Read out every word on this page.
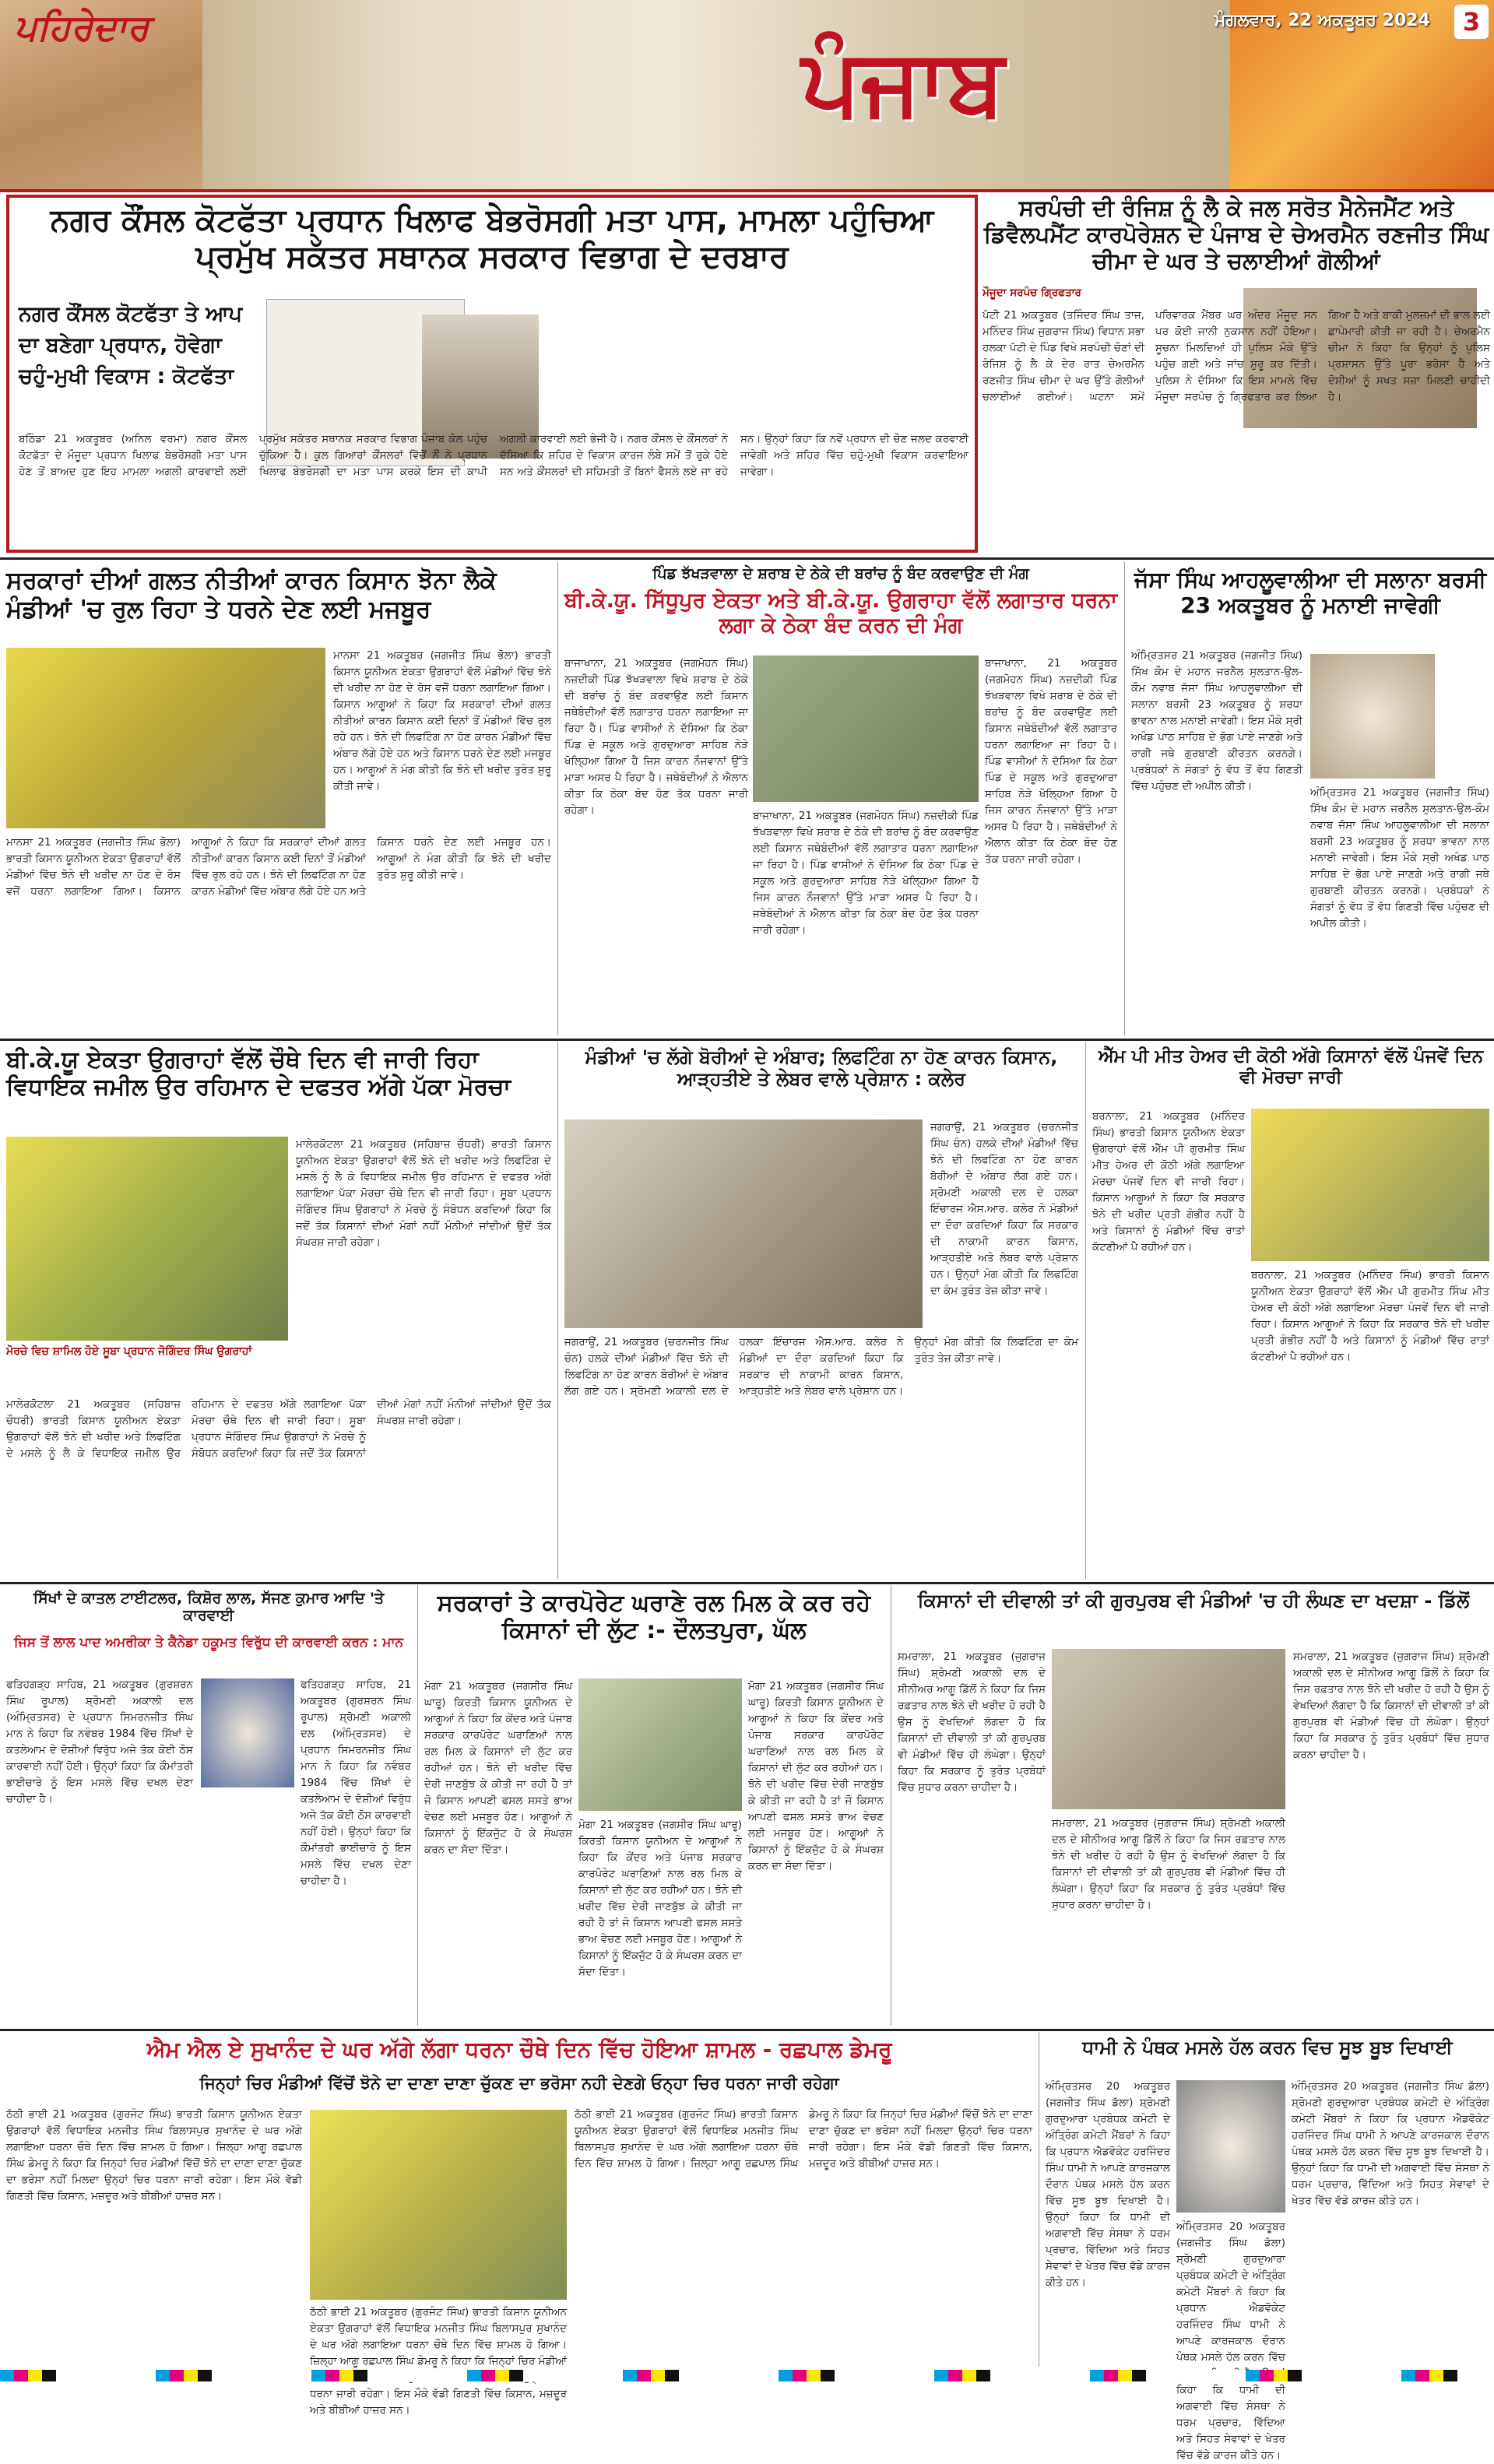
ਪਹਿਰੇਦਾਰ
ਪੰਜਾਬ
ਮੰਗਲਵਾਰ, 22 ਅਕਤੂਬਰ 2024	3
ਨਗਰ ਕੌਂਸਲ ਕੋਟਫੱਤਾ ਪ੍ਰਧਾਨ ਖਿਲਾਫ ਬੇਭਰੋਸਗੀ ਮਤਾ ਪਾਸ, ਮਾਮਲਾ ਪਹੁੰਚਿਆ ਪ੍ਰਮੁੱਖ ਸਕੱਤਰ ਸਥਾਨਕ ਸਰਕਾਰ ਵਿਭਾਗ ਦੇ ਦਰਬਾਰ
ਨਗਰ ਕੌਂਸਲ ਕੋਟਫੱਤਾ ਤੇ ਆਪ ਦਾ ਬਣੇਗਾ ਪ੍ਰਧਾਨ, ਹੋਵੇਗਾ ਚਹੁੰ-ਮੁਖੀ ਵਿਕਾਸ : ਕੋਟਫੱਤਾ
ਬਠਿੰਡਾ 21 ਅਕਤੂਬਰ (ਅਨਿਲ ਵਰਮਾ) ਨਗਰ ਕੌਂਸਲ ਕੋਟਫੱਤਾ ਦੇ ਮੌਜੂਦਾ ਪ੍ਰਧਾਨ ਖਿਲਾਫ ਬੇਭਰੋਸਗੀ ਮਤਾ ਪਾਸ ਹੋਣ ਤੋਂ ਬਾਅਦ ਹੁਣ ਇਹ ਮਾਮਲਾ ਅਗਲੀ ਕਾਰਵਾਈ ਲਈ ਪ੍ਰਮੁੱਖ ਸਕੱਤਰ ਸਥਾਨਕ ਸਰਕਾਰ ਵਿਭਾਗ ਪੰਜਾਬ ਕੋਲ ਪਹੁੰਚ ਚੁੱਕਿਆ ਹੈ। ਕੁਲ ਗਿਆਰਾਂ ਕੌਂਸਲਰਾਂ ਵਿੱਚੋਂ ਨੌਂ ਨੇ ਪ੍ਰਧਾਨ ਖਿਲਾਫ ਬੇਭਰੋਸਗੀ ਦਾ ਮਤਾ ਪਾਸ ਕਰਕੇ ਇਸ ਦੀ ਕਾਪੀ ਅਗਲੀ ਕਾਰਵਾਈ ਲਈ ਭੇਜੀ ਹੈ। ਨਗਰ ਕੌਂਸਲ ਦੇ ਕੌਂਸਲਰਾਂ ਨੇ ਦੱਸਿਆ ਕਿ ਸ਼ਹਿਰ ਦੇ ਵਿਕਾਸ ਕਾਰਜ ਲੰਬੇ ਸਮੇਂ ਤੋਂ ਰੁਕੇ ਹੋਏ ਸਨ ਅਤੇ ਕੌਂਸਲਰਾਂ ਦੀ ਸਹਿਮਤੀ ਤੋਂ ਬਿਨਾਂ ਫੈਸਲੇ ਲਏ ਜਾ ਰਹੇ ਸਨ। ਉਨ੍ਹਾਂ ਕਿਹਾ ਕਿ ਨਵੇਂ ਪ੍ਰਧਾਨ ਦੀ ਚੋਣ ਜਲਦ ਕਰਵਾਈ ਜਾਵੇਗੀ ਅਤੇ ਸ਼ਹਿਰ ਵਿੱਚ ਚਹੁੰ-ਮੁਖੀ ਵਿਕਾਸ ਕਰਵਾਇਆ ਜਾਵੇਗਾ।
ਸਰਪੰਚੀ ਦੀ ਰੰਜਿਸ਼ ਨੂੰ ਲੈ ਕੇ ਜਲ ਸਰੋਤ ਮੈਨੇਜਮੈਂਟ ਅਤੇ ਡਿਵੈਲਪਮੈਂਟ ਕਾਰਪੋਰੇਸ਼ਨ ਦੇ ਪੰਜਾਬ ਦੇ ਚੇਅਰਮੈਨ ਰਣਜੀਤ ਸਿੰਘ ਚੀਮਾ ਦੇ ਘਰ ਤੇ ਚਲਾਈਆਂ ਗੋਲੀਆਂ
ਮੌਜੂਦਾ ਸਰਪੰਚ ਗ੍ਰਿਫਤਾਰ
ਪੱਟੀ 21 ਅਕਤੂਬਰ (ਤਜਿੰਦਰ ਸਿੰਘ ਤਾਜ, ਮਨਿੰਦਰ ਸਿੰਘ ਜੁਗਰਾਜ ਸਿੰਘ) ਵਿਧਾਨ ਸਭਾ ਹਲਕਾ ਪੱਟੀ ਦੇ ਪਿੰਡ ਵਿਖੇ ਸਰਪੰਚੀ ਚੋਣਾਂ ਦੀ ਰੰਜਿਸ਼ ਨੂੰ ਲੈ ਕੇ ਦੇਰ ਰਾਤ ਚੇਅਰਮੈਨ ਰਣਜੀਤ ਸਿੰਘ ਚੀਮਾ ਦੇ ਘਰ ਉੱਤੇ ਗੋਲੀਆਂ ਚਲਾਈਆਂ ਗਈਆਂ। ਘਟਨਾ ਸਮੇਂ ਪਰਿਵਾਰਕ ਮੈਂਬਰ ਘਰ ਅੰਦਰ ਮੌਜੂਦ ਸਨ ਪਰ ਕੋਈ ਜਾਨੀ ਨੁਕਸਾਨ ਨਹੀਂ ਹੋਇਆ। ਸੂਚਨਾ ਮਿਲਦਿਆਂ ਹੀ ਪੁਲਿਸ ਮੌਕੇ ਉੱਤੇ ਪਹੁੰਚ ਗਈ ਅਤੇ ਜਾਂਚ ਸ਼ੁਰੂ ਕਰ ਦਿੱਤੀ। ਪੁਲਿਸ ਨੇ ਦੱਸਿਆ ਕਿ ਇਸ ਮਾਮਲੇ ਵਿੱਚ ਮੌਜੂਦਾ ਸਰਪੰਚ ਨੂੰ ਗ੍ਰਿਫਤਾਰ ਕਰ ਲਿਆ ਗਿਆ ਹੈ ਅਤੇ ਬਾਕੀ ਮੁਲਜ਼ਮਾਂ ਦੀ ਭਾਲ ਲਈ ਛਾਪੇਮਾਰੀ ਕੀਤੀ ਜਾ ਰਹੀ ਹੈ। ਚੇਅਰਮੈਨ ਚੀਮਾ ਨੇ ਕਿਹਾ ਕਿ ਉਨ੍ਹਾਂ ਨੂੰ ਪੁਲਿਸ ਪ੍ਰਸ਼ਾਸਨ ਉੱਤੇ ਪੂਰਾ ਭਰੋਸਾ ਹੈ ਅਤੇ ਦੋਸ਼ੀਆਂ ਨੂੰ ਸਖਤ ਸਜ਼ਾ ਮਿਲਣੀ ਚਾਹੀਦੀ ਹੈ।
ਸਰਕਾਰਾਂ ਦੀਆਂ ਗਲਤ ਨੀਤੀਆਂ ਕਾਰਨ ਕਿਸਾਨ ਝੋਨਾ ਲੈਕੇ ਮੰਡੀਆਂ 'ਚ ਰੁਲ ਰਿਹਾ ਤੇ ਧਰਨੇ ਦੇਣ ਲਈ ਮਜਬੂਰ
ਮਾਨਸਾ 21 ਅਕਤੂਬਰ (ਜਗਜੀਤ ਸਿੰਘ ਭੋਲਾ) ਭਾਰਤੀ ਕਿਸਾਨ ਯੂਨੀਅਨ ਏਕਤਾ ਉਗਰਾਹਾਂ ਵੱਲੋਂ ਮੰਡੀਆਂ ਵਿੱਚ ਝੋਨੇ ਦੀ ਖਰੀਦ ਨਾ ਹੋਣ ਦੇ ਰੋਸ ਵਜੋਂ ਧਰਨਾ ਲਗਾਇਆ ਗਿਆ। ਕਿਸਾਨ ਆਗੂਆਂ ਨੇ ਕਿਹਾ ਕਿ ਸਰਕਾਰਾਂ ਦੀਆਂ ਗਲਤ ਨੀਤੀਆਂ ਕਾਰਨ ਕਿਸਾਨ ਕਈ ਦਿਨਾਂ ਤੋਂ ਮੰਡੀਆਂ ਵਿੱਚ ਰੁਲ ਰਹੇ ਹਨ। ਝੋਨੇ ਦੀ ਲਿਫਟਿੰਗ ਨਾ ਹੋਣ ਕਾਰਨ ਮੰਡੀਆਂ ਵਿੱਚ ਅੰਬਾਰ ਲੱਗੇ ਹੋਏ ਹਨ ਅਤੇ ਕਿਸਾਨ ਧਰਨੇ ਦੇਣ ਲਈ ਮਜਬੂਰ ਹਨ। ਆਗੂਆਂ ਨੇ ਮੰਗ ਕੀਤੀ ਕਿ ਝੋਨੇ ਦੀ ਖਰੀਦ ਤੁਰੰਤ ਸ਼ੁਰੂ ਕੀਤੀ ਜਾਵੇ।
ਮਾਨਸਾ 21 ਅਕਤੂਬਰ (ਜਗਜੀਤ ਸਿੰਘ ਭੋਲਾ) ਭਾਰਤੀ ਕਿਸਾਨ ਯੂਨੀਅਨ ਏਕਤਾ ਉਗਰਾਹਾਂ ਵੱਲੋਂ ਮੰਡੀਆਂ ਵਿੱਚ ਝੋਨੇ ਦੀ ਖਰੀਦ ਨਾ ਹੋਣ ਦੇ ਰੋਸ ਵਜੋਂ ਧਰਨਾ ਲਗਾਇਆ ਗਿਆ। ਕਿਸਾਨ ਆਗੂਆਂ ਨੇ ਕਿਹਾ ਕਿ ਸਰਕਾਰਾਂ ਦੀਆਂ ਗਲਤ ਨੀਤੀਆਂ ਕਾਰਨ ਕਿਸਾਨ ਕਈ ਦਿਨਾਂ ਤੋਂ ਮੰਡੀਆਂ ਵਿੱਚ ਰੁਲ ਰਹੇ ਹਨ। ਝੋਨੇ ਦੀ ਲਿਫਟਿੰਗ ਨਾ ਹੋਣ ਕਾਰਨ ਮੰਡੀਆਂ ਵਿੱਚ ਅੰਬਾਰ ਲੱਗੇ ਹੋਏ ਹਨ ਅਤੇ ਕਿਸਾਨ ਧਰਨੇ ਦੇਣ ਲਈ ਮਜਬੂਰ ਹਨ। ਆਗੂਆਂ ਨੇ ਮੰਗ ਕੀਤੀ ਕਿ ਝੋਨੇ ਦੀ ਖਰੀਦ ਤੁਰੰਤ ਸ਼ੁਰੂ ਕੀਤੀ ਜਾਵੇ।
ਪਿੰਡ ਝੱਖੜਵਾਲਾ ਦੇ ਸ਼ਰਾਬ ਦੇ ਠੇਕੇ ਦੀ ਬਰਾਂਚ ਨੂੰ ਬੰਦ ਕਰਵਾਉਣ ਦੀ ਮੰਗ
ਬੀ.ਕੇ.ਯੂ. ਸਿੱਧੂਪੁਰ ਏਕਤਾ ਅਤੇ ਬੀ.ਕੇ.ਯੂ. ਉਗਰਾਹਾ ਵੱਲੋਂ ਲਗਾਤਾਰ ਧਰਨਾ ਲਗਾ ਕੇ ਠੇਕਾ ਬੰਦ ਕਰਨ ਦੀ ਮੰਗ
ਬਾਜਾਖਾਨਾ, 21 ਅਕਤੂਬਰ (ਜਗਮੋਹਨ ਸਿੰਘ) ਨਜ਼ਦੀਕੀ ਪਿੰਡ ਝੱਖੜਵਾਲਾ ਵਿਖੇ ਸ਼ਰਾਬ ਦੇ ਠੇਕੇ ਦੀ ਬਰਾਂਚ ਨੂੰ ਬੰਦ ਕਰਵਾਉਣ ਲਈ ਕਿਸਾਨ ਜਥੇਬੰਦੀਆਂ ਵੱਲੋਂ ਲਗਾਤਾਰ ਧਰਨਾ ਲਗਾਇਆ ਜਾ ਰਿਹਾ ਹੈ। ਪਿੰਡ ਵਾਸੀਆਂ ਨੇ ਦੱਸਿਆ ਕਿ ਠੇਕਾ ਪਿੰਡ ਦੇ ਸਕੂਲ ਅਤੇ ਗੁਰਦੁਆਰਾ ਸਾਹਿਬ ਨੇੜੇ ਖੋਲ੍ਹਿਆ ਗਿਆ ਹੈ ਜਿਸ ਕਾਰਨ ਨੌਜਵਾਨਾਂ ਉੱਤੇ ਮਾੜਾ ਅਸਰ ਪੈ ਰਿਹਾ ਹੈ। ਜਥੇਬੰਦੀਆਂ ਨੇ ਐਲਾਨ ਕੀਤਾ ਕਿ ਠੇਕਾ ਬੰਦ ਹੋਣ ਤੱਕ ਧਰਨਾ ਜਾਰੀ ਰਹੇਗਾ।
ਬਾਜਾਖਾਨਾ, 21 ਅਕਤੂਬਰ (ਜਗਮੋਹਨ ਸਿੰਘ) ਨਜ਼ਦੀਕੀ ਪਿੰਡ ਝੱਖੜਵਾਲਾ ਵਿਖੇ ਸ਼ਰਾਬ ਦੇ ਠੇਕੇ ਦੀ ਬਰਾਂਚ ਨੂੰ ਬੰਦ ਕਰਵਾਉਣ ਲਈ ਕਿਸਾਨ ਜਥੇਬੰਦੀਆਂ ਵੱਲੋਂ ਲਗਾਤਾਰ ਧਰਨਾ ਲਗਾਇਆ ਜਾ ਰਿਹਾ ਹੈ। ਪਿੰਡ ਵਾਸੀਆਂ ਨੇ ਦੱਸਿਆ ਕਿ ਠੇਕਾ ਪਿੰਡ ਦੇ ਸਕੂਲ ਅਤੇ ਗੁਰਦੁਆਰਾ ਸਾਹਿਬ ਨੇੜੇ ਖੋਲ੍ਹਿਆ ਗਿਆ ਹੈ ਜਿਸ ਕਾਰਨ ਨੌਜਵਾਨਾਂ ਉੱਤੇ ਮਾੜਾ ਅਸਰ ਪੈ ਰਿਹਾ ਹੈ। ਜਥੇਬੰਦੀਆਂ ਨੇ ਐਲਾਨ ਕੀਤਾ ਕਿ ਠੇਕਾ ਬੰਦ ਹੋਣ ਤੱਕ ਧਰਨਾ ਜਾਰੀ ਰਹੇਗਾ।
ਬਾਜਾਖਾਨਾ, 21 ਅਕਤੂਬਰ (ਜਗਮੋਹਨ ਸਿੰਘ) ਨਜ਼ਦੀਕੀ ਪਿੰਡ ਝੱਖੜਵਾਲਾ ਵਿਖੇ ਸ਼ਰਾਬ ਦੇ ਠੇਕੇ ਦੀ ਬਰਾਂਚ ਨੂੰ ਬੰਦ ਕਰਵਾਉਣ ਲਈ ਕਿਸਾਨ ਜਥੇਬੰਦੀਆਂ ਵੱਲੋਂ ਲਗਾਤਾਰ ਧਰਨਾ ਲਗਾਇਆ ਜਾ ਰਿਹਾ ਹੈ। ਪਿੰਡ ਵਾਸੀਆਂ ਨੇ ਦੱਸਿਆ ਕਿ ਠੇਕਾ ਪਿੰਡ ਦੇ ਸਕੂਲ ਅਤੇ ਗੁਰਦੁਆਰਾ ਸਾਹਿਬ ਨੇੜੇ ਖੋਲ੍ਹਿਆ ਗਿਆ ਹੈ ਜਿਸ ਕਾਰਨ ਨੌਜਵਾਨਾਂ ਉੱਤੇ ਮਾੜਾ ਅਸਰ ਪੈ ਰਿਹਾ ਹੈ। ਜਥੇਬੰਦੀਆਂ ਨੇ ਐਲਾਨ ਕੀਤਾ ਕਿ ਠੇਕਾ ਬੰਦ ਹੋਣ ਤੱਕ ਧਰਨਾ ਜਾਰੀ ਰਹੇਗਾ।
ਜੱਸਾ ਸਿੰਘ ਆਹਲੂਵਾਲੀਆ ਦੀ ਸਲਾਨਾ ਬਰਸੀ 23 ਅਕਤੂਬਰ ਨੂੰ ਮਨਾਈ ਜਾਵੇਗੀ
ਅੰਮ੍ਰਿਤਸਰ 21 ਅਕਤੂਬਰ (ਜਗਜੀਤ ਸਿੰਘ) ਸਿੱਖ ਕੌਮ ਦੇ ਮਹਾਨ ਜਰਨੈਲ ਸੁਲਤਾਨ-ਉਲ-ਕੌਮ ਨਵਾਬ ਜੱਸਾ ਸਿੰਘ ਆਹਲੂਵਾਲੀਆ ਦੀ ਸਲਾਨਾ ਬਰਸੀ 23 ਅਕਤੂਬਰ ਨੂੰ ਸ਼ਰਧਾ ਭਾਵਨਾ ਨਾਲ ਮਨਾਈ ਜਾਵੇਗੀ। ਇਸ ਮੌਕੇ ਸ੍ਰੀ ਅਖੰਡ ਪਾਠ ਸਾਹਿਬ ਦੇ ਭੋਗ ਪਾਏ ਜਾਣਗੇ ਅਤੇ ਰਾਗੀ ਜਥੇ ਗੁਰਬਾਣੀ ਕੀਰਤਨ ਕਰਨਗੇ। ਪ੍ਰਬੰਧਕਾਂ ਨੇ ਸੰਗਤਾਂ ਨੂੰ ਵੱਧ ਤੋਂ ਵੱਧ ਗਿਣਤੀ ਵਿੱਚ ਪਹੁੰਚਣ ਦੀ ਅਪੀਲ ਕੀਤੀ।	ਅੰਮ੍ਰਿਤਸਰ 21 ਅਕਤੂਬਰ (ਜਗਜੀਤ ਸਿੰਘ) ਸਿੱਖ ਕੌਮ ਦੇ ਮਹਾਨ ਜਰਨੈਲ ਸੁਲਤਾਨ-ਉਲ-ਕੌਮ ਨਵਾਬ ਜੱਸਾ ਸਿੰਘ ਆਹਲੂਵਾਲੀਆ ਦੀ ਸਲਾਨਾ ਬਰਸੀ 23 ਅਕਤੂਬਰ ਨੂੰ ਸ਼ਰਧਾ ਭਾਵਨਾ ਨਾਲ ਮਨਾਈ ਜਾਵੇਗੀ। ਇਸ ਮੌਕੇ ਸ੍ਰੀ ਅਖੰਡ ਪਾਠ ਸਾਹਿਬ ਦੇ ਭੋਗ ਪਾਏ ਜਾਣਗੇ ਅਤੇ ਰਾਗੀ ਜਥੇ ਗੁਰਬਾਣੀ ਕੀਰਤਨ ਕਰਨਗੇ। ਪ੍ਰਬੰਧਕਾਂ ਨੇ ਸੰਗਤਾਂ ਨੂੰ ਵੱਧ ਤੋਂ ਵੱਧ ਗਿਣਤੀ ਵਿੱਚ ਪਹੁੰਚਣ ਦੀ ਅਪੀਲ ਕੀਤੀ।
ਬੀ.ਕੇ.ਯੂ ਏਕਤਾ ਉਗਰਾਹਾਂ ਵੱਲੋਂ ਚੌਥੇ ਦਿਨ ਵੀ ਜਾਰੀ ਰਿਹਾ ਵਿਧਾਇਕ ਜਮੀਲ ਉਰ ਰਹਿਮਾਨ ਦੇ ਦਫਤਰ ਅੱਗੇ ਪੱਕਾ ਮੋਰਚਾ
ਮੋਰਚੇ ਵਿਚ ਸ਼ਾਮਿਲ ਹੋਏ ਸੂਬਾ ਪ੍ਰਧਾਨ ਜੋਗਿੰਦਰ ਸਿੰਘ ਉਗਰਾਹਾਂ
ਮਾਲੇਰਕੋਟਲਾ 21 ਅਕਤੂਬਰ (ਸਹਿਬਾਜ਼ ਚੌਧਰੀ) ਭਾਰਤੀ ਕਿਸਾਨ ਯੂਨੀਅਨ ਏਕਤਾ ਉਗਰਾਹਾਂ ਵੱਲੋਂ ਝੋਨੇ ਦੀ ਖਰੀਦ ਅਤੇ ਲਿਫਟਿੰਗ ਦੇ ਮਸਲੇ ਨੂੰ ਲੈ ਕੇ ਵਿਧਾਇਕ ਜਮੀਲ ਉਰ ਰਹਿਮਾਨ ਦੇ ਦਫਤਰ ਅੱਗੇ ਲਗਾਇਆ ਪੱਕਾ ਮੋਰਚਾ ਚੌਥੇ ਦਿਨ ਵੀ ਜਾਰੀ ਰਿਹਾ। ਸੂਬਾ ਪ੍ਰਧਾਨ ਜੋਗਿੰਦਰ ਸਿੰਘ ਉਗਰਾਹਾਂ ਨੇ ਮੋਰਚੇ ਨੂੰ ਸੰਬੋਧਨ ਕਰਦਿਆਂ ਕਿਹਾ ਕਿ ਜਦੋਂ ਤੱਕ ਕਿਸਾਨਾਂ ਦੀਆਂ ਮੰਗਾਂ ਨਹੀਂ ਮੰਨੀਆਂ ਜਾਂਦੀਆਂ ਉਦੋਂ ਤੱਕ ਸੰਘਰਸ਼ ਜਾਰੀ ਰਹੇਗਾ।
ਮਾਲੇਰਕੋਟਲਾ 21 ਅਕਤੂਬਰ (ਸਹਿਬਾਜ਼ ਚੌਧਰੀ) ਭਾਰਤੀ ਕਿਸਾਨ ਯੂਨੀਅਨ ਏਕਤਾ ਉਗਰਾਹਾਂ ਵੱਲੋਂ ਝੋਨੇ ਦੀ ਖਰੀਦ ਅਤੇ ਲਿਫਟਿੰਗ ਦੇ ਮਸਲੇ ਨੂੰ ਲੈ ਕੇ ਵਿਧਾਇਕ ਜਮੀਲ ਉਰ ਰਹਿਮਾਨ ਦੇ ਦਫਤਰ ਅੱਗੇ ਲਗਾਇਆ ਪੱਕਾ ਮੋਰਚਾ ਚੌਥੇ ਦਿਨ ਵੀ ਜਾਰੀ ਰਿਹਾ। ਸੂਬਾ ਪ੍ਰਧਾਨ ਜੋਗਿੰਦਰ ਸਿੰਘ ਉਗਰਾਹਾਂ ਨੇ ਮੋਰਚੇ ਨੂੰ ਸੰਬੋਧਨ ਕਰਦਿਆਂ ਕਿਹਾ ਕਿ ਜਦੋਂ ਤੱਕ ਕਿਸਾਨਾਂ ਦੀਆਂ ਮੰਗਾਂ ਨਹੀਂ ਮੰਨੀਆਂ ਜਾਂਦੀਆਂ ਉਦੋਂ ਤੱਕ ਸੰਘਰਸ਼ ਜਾਰੀ ਰਹੇਗਾ।
ਮੰਡੀਆਂ 'ਚ ਲੱਗੇ ਬੋਰੀਆਂ ਦੇ ਅੰਬਾਰ; ਲਿਫਟਿੰਗ ਨਾ ਹੋਣ ਕਾਰਨ ਕਿਸਾਨ, ਆੜ੍ਹਤੀਏ ਤੇ ਲੇਬਰ ਵਾਲੇ ਪ੍ਰੇਸ਼ਾਨ : ਕਲੇਰ
ਜਗਰਾਉਂ, 21 ਅਕਤੂਬਰ (ਚਰਨਜੀਤ ਸਿੰਘ ਚੰਨ) ਹਲਕੇ ਦੀਆਂ ਮੰਡੀਆਂ ਵਿੱਚ ਝੋਨੇ ਦੀ ਲਿਫਟਿੰਗ ਨਾ ਹੋਣ ਕਾਰਨ ਬੋਰੀਆਂ ਦੇ ਅੰਬਾਰ ਲੱਗ ਗਏ ਹਨ। ਸ਼੍ਰੋਮਣੀ ਅਕਾਲੀ ਦਲ ਦੇ ਹਲਕਾ ਇੰਚਾਰਜ ਐਸ.ਆਰ. ਕਲੇਰ ਨੇ ਮੰਡੀਆਂ ਦਾ ਦੌਰਾ ਕਰਦਿਆਂ ਕਿਹਾ ਕਿ ਸਰਕਾਰ ਦੀ ਨਾਕਾਮੀ ਕਾਰਨ ਕਿਸਾਨ, ਆੜ੍ਹਤੀਏ ਅਤੇ ਲੇਬਰ ਵਾਲੇ ਪ੍ਰੇਸ਼ਾਨ ਹਨ। ਉਨ੍ਹਾਂ ਮੰਗ ਕੀਤੀ ਕਿ ਲਿਫਟਿੰਗ ਦਾ ਕੰਮ ਤੁਰੰਤ ਤੇਜ਼ ਕੀਤਾ ਜਾਵੇ।
ਜਗਰਾਉਂ, 21 ਅਕਤੂਬਰ (ਚਰਨਜੀਤ ਸਿੰਘ ਚੰਨ) ਹਲਕੇ ਦੀਆਂ ਮੰਡੀਆਂ ਵਿੱਚ ਝੋਨੇ ਦੀ ਲਿਫਟਿੰਗ ਨਾ ਹੋਣ ਕਾਰਨ ਬੋਰੀਆਂ ਦੇ ਅੰਬਾਰ ਲੱਗ ਗਏ ਹਨ। ਸ਼੍ਰੋਮਣੀ ਅਕਾਲੀ ਦਲ ਦੇ ਹਲਕਾ ਇੰਚਾਰਜ ਐਸ.ਆਰ. ਕਲੇਰ ਨੇ ਮੰਡੀਆਂ ਦਾ ਦੌਰਾ ਕਰਦਿਆਂ ਕਿਹਾ ਕਿ ਸਰਕਾਰ ਦੀ ਨਾਕਾਮੀ ਕਾਰਨ ਕਿਸਾਨ, ਆੜ੍ਹਤੀਏ ਅਤੇ ਲੇਬਰ ਵਾਲੇ ਪ੍ਰੇਸ਼ਾਨ ਹਨ। ਉਨ੍ਹਾਂ ਮੰਗ ਕੀਤੀ ਕਿ ਲਿਫਟਿੰਗ ਦਾ ਕੰਮ ਤੁਰੰਤ ਤੇਜ਼ ਕੀਤਾ ਜਾਵੇ।
ਐੱਮ ਪੀ ਮੀਤ ਹੇਅਰ ਦੀ ਕੋਠੀ ਅੱਗੇ ਕਿਸਾਨਾਂ ਵੱਲੋਂ ਪੰਜਵੇਂ ਦਿਨ ਵੀ ਮੋਰਚਾ ਜਾਰੀ
ਬਰਨਾਲਾ, 21 ਅਕਤੂਬਰ (ਮਨਿੰਦਰ ਸਿੰਘ) ਭਾਰਤੀ ਕਿਸਾਨ ਯੂਨੀਅਨ ਏਕਤਾ ਉਗਰਾਹਾਂ ਵੱਲੋਂ ਐੱਮ ਪੀ ਗੁਰਮੀਤ ਸਿੰਘ ਮੀਤ ਹੇਅਰ ਦੀ ਕੋਠੀ ਅੱਗੇ ਲਗਾਇਆ ਮੋਰਚਾ ਪੰਜਵੇਂ ਦਿਨ ਵੀ ਜਾਰੀ ਰਿਹਾ। ਕਿਸਾਨ ਆਗੂਆਂ ਨੇ ਕਿਹਾ ਕਿ ਸਰਕਾਰ ਝੋਨੇ ਦੀ ਖਰੀਦ ਪ੍ਰਤੀ ਗੰਭੀਰ ਨਹੀਂ ਹੈ ਅਤੇ ਕਿਸਾਨਾਂ ਨੂੰ ਮੰਡੀਆਂ ਵਿੱਚ ਰਾਤਾਂ ਕੱਟਣੀਆਂ ਪੈ ਰਹੀਆਂ ਹਨ।
ਬਰਨਾਲਾ, 21 ਅਕਤੂਬਰ (ਮਨਿੰਦਰ ਸਿੰਘ) ਭਾਰਤੀ ਕਿਸਾਨ ਯੂਨੀਅਨ ਏਕਤਾ ਉਗਰਾਹਾਂ ਵੱਲੋਂ ਐੱਮ ਪੀ ਗੁਰਮੀਤ ਸਿੰਘ ਮੀਤ ਹੇਅਰ ਦੀ ਕੋਠੀ ਅੱਗੇ ਲਗਾਇਆ ਮੋਰਚਾ ਪੰਜਵੇਂ ਦਿਨ ਵੀ ਜਾਰੀ ਰਿਹਾ। ਕਿਸਾਨ ਆਗੂਆਂ ਨੇ ਕਿਹਾ ਕਿ ਸਰਕਾਰ ਝੋਨੇ ਦੀ ਖਰੀਦ ਪ੍ਰਤੀ ਗੰਭੀਰ ਨਹੀਂ ਹੈ ਅਤੇ ਕਿਸਾਨਾਂ ਨੂੰ ਮੰਡੀਆਂ ਵਿੱਚ ਰਾਤਾਂ ਕੱਟਣੀਆਂ ਪੈ ਰਹੀਆਂ ਹਨ।
ਸਿੱਖਾਂ ਦੇ ਕਾਤਲ ਟਾਈਟਲਰ, ਕਿਸ਼ੋਰ ਲਾਲ, ਸੱਜਣ ਕੁਮਾਰ ਆਦਿ 'ਤੇ ਕਾਰਵਾਈ
ਜਿਸ ਤੋਂ ਲਾਲ ਪਾਦ ਅਮਰੀਕਾ ਤੇ ਕੈਨੇਡਾ ਹਕੂਮਤ ਵਿਰੁੱਧ ਦੀ ਕਾਰਵਾਈ ਕਰਨ : ਮਾਨ
ਫਤਿਹਗੜ੍ਹ ਸਾਹਿਬ, 21 ਅਕਤੂਬਰ (ਗੁਰਸ਼ਰਨ ਸਿੰਘ ਰੂਪਾਲ) ਸ਼੍ਰੋਮਣੀ ਅਕਾਲੀ ਦਲ (ਅੰਮ੍ਰਿਤਸਰ) ਦੇ ਪ੍ਰਧਾਨ ਸਿਮਰਨਜੀਤ ਸਿੰਘ ਮਾਨ ਨੇ ਕਿਹਾ ਕਿ ਨਵੰਬਰ 1984 ਵਿੱਚ ਸਿੱਖਾਂ ਦੇ ਕਤਲੇਆਮ ਦੇ ਦੋਸ਼ੀਆਂ ਵਿਰੁੱਧ ਅਜੇ ਤੱਕ ਕੋਈ ਠੋਸ ਕਾਰਵਾਈ ਨਹੀਂ ਹੋਈ। ਉਨ੍ਹਾਂ ਕਿਹਾ ਕਿ ਕੌਮਾਂਤਰੀ ਭਾਈਚਾਰੇ ਨੂੰ ਇਸ ਮਸਲੇ ਵਿੱਚ ਦਖਲ ਦੇਣਾ ਚਾਹੀਦਾ ਹੈ।
ਫਤਿਹਗੜ੍ਹ ਸਾਹਿਬ, 21 ਅਕਤੂਬਰ (ਗੁਰਸ਼ਰਨ ਸਿੰਘ ਰੂਪਾਲ) ਸ਼੍ਰੋਮਣੀ ਅਕਾਲੀ ਦਲ (ਅੰਮ੍ਰਿਤਸਰ) ਦੇ ਪ੍ਰਧਾਨ ਸਿਮਰਨਜੀਤ ਸਿੰਘ ਮਾਨ ਨੇ ਕਿਹਾ ਕਿ ਨਵੰਬਰ 1984 ਵਿੱਚ ਸਿੱਖਾਂ ਦੇ ਕਤਲੇਆਮ ਦੇ ਦੋਸ਼ੀਆਂ ਵਿਰੁੱਧ ਅਜੇ ਤੱਕ ਕੋਈ ਠੋਸ ਕਾਰਵਾਈ ਨਹੀਂ ਹੋਈ। ਉਨ੍ਹਾਂ ਕਿਹਾ ਕਿ ਕੌਮਾਂਤਰੀ ਭਾਈਚਾਰੇ ਨੂੰ ਇਸ ਮਸਲੇ ਵਿੱਚ ਦਖਲ ਦੇਣਾ ਚਾਹੀਦਾ ਹੈ।
ਸਰਕਾਰਾਂ ਤੇ ਕਾਰਪੋਰੇਟ ਘਰਾਣੇ ਰਲ ਮਿਲ ਕੇ ਕਰ ਰਹੇ ਕਿਸਾਨਾਂ ਦੀ ਲੁੱਟ :- ਦੌਲਤਪੁਰਾ, ਘੱਲ
ਮੋਗਾ 21 ਅਕਤੂਬਰ (ਜਗਸੀਰ ਸਿੰਘ ਘਾਰੂ) ਕਿਰਤੀ ਕਿਸਾਨ ਯੂਨੀਅਨ ਦੇ ਆਗੂਆਂ ਨੇ ਕਿਹਾ ਕਿ ਕੇਂਦਰ ਅਤੇ ਪੰਜਾਬ ਸਰਕਾਰ ਕਾਰਪੋਰੇਟ ਘਰਾਣਿਆਂ ਨਾਲ ਰਲ ਮਿਲ ਕੇ ਕਿਸਾਨਾਂ ਦੀ ਲੁੱਟ ਕਰ ਰਹੀਆਂ ਹਨ। ਝੋਨੇ ਦੀ ਖਰੀਦ ਵਿੱਚ ਦੇਰੀ ਜਾਣਬੁੱਝ ਕੇ ਕੀਤੀ ਜਾ ਰਹੀ ਹੈ ਤਾਂ ਜੋ ਕਿਸਾਨ ਆਪਣੀ ਫਸਲ ਸਸਤੇ ਭਾਅ ਵੇਚਣ ਲਈ ਮਜਬੂਰ ਹੋਣ। ਆਗੂਆਂ ਨੇ ਕਿਸਾਨਾਂ ਨੂੰ ਇੱਕਜੁੱਟ ਹੋ ਕੇ ਸੰਘਰਸ਼ ਕਰਨ ਦਾ ਸੱਦਾ ਦਿੱਤਾ।
ਮੋਗਾ 21 ਅਕਤੂਬਰ (ਜਗਸੀਰ ਸਿੰਘ ਘਾਰੂ) ਕਿਰਤੀ ਕਿਸਾਨ ਯੂਨੀਅਨ ਦੇ ਆਗੂਆਂ ਨੇ ਕਿਹਾ ਕਿ ਕੇਂਦਰ ਅਤੇ ਪੰਜਾਬ ਸਰਕਾਰ ਕਾਰਪੋਰੇਟ ਘਰਾਣਿਆਂ ਨਾਲ ਰਲ ਮਿਲ ਕੇ ਕਿਸਾਨਾਂ ਦੀ ਲੁੱਟ ਕਰ ਰਹੀਆਂ ਹਨ। ਝੋਨੇ ਦੀ ਖਰੀਦ ਵਿੱਚ ਦੇਰੀ ਜਾਣਬੁੱਝ ਕੇ ਕੀਤੀ ਜਾ ਰਹੀ ਹੈ ਤਾਂ ਜੋ ਕਿਸਾਨ ਆਪਣੀ ਫਸਲ ਸਸਤੇ ਭਾਅ ਵੇਚਣ ਲਈ ਮਜਬੂਰ ਹੋਣ। ਆਗੂਆਂ ਨੇ ਕਿਸਾਨਾਂ ਨੂੰ ਇੱਕਜੁੱਟ ਹੋ ਕੇ ਸੰਘਰਸ਼ ਕਰਨ ਦਾ ਸੱਦਾ ਦਿੱਤਾ।
ਮੋਗਾ 21 ਅਕਤੂਬਰ (ਜਗਸੀਰ ਸਿੰਘ ਘਾਰੂ) ਕਿਰਤੀ ਕਿਸਾਨ ਯੂਨੀਅਨ ਦੇ ਆਗੂਆਂ ਨੇ ਕਿਹਾ ਕਿ ਕੇਂਦਰ ਅਤੇ ਪੰਜਾਬ ਸਰਕਾਰ ਕਾਰਪੋਰੇਟ ਘਰਾਣਿਆਂ ਨਾਲ ਰਲ ਮਿਲ ਕੇ ਕਿਸਾਨਾਂ ਦੀ ਲੁੱਟ ਕਰ ਰਹੀਆਂ ਹਨ। ਝੋਨੇ ਦੀ ਖਰੀਦ ਵਿੱਚ ਦੇਰੀ ਜਾਣਬੁੱਝ ਕੇ ਕੀਤੀ ਜਾ ਰਹੀ ਹੈ ਤਾਂ ਜੋ ਕਿਸਾਨ ਆਪਣੀ ਫਸਲ ਸਸਤੇ ਭਾਅ ਵੇਚਣ ਲਈ ਮਜਬੂਰ ਹੋਣ। ਆਗੂਆਂ ਨੇ ਕਿਸਾਨਾਂ ਨੂੰ ਇੱਕਜੁੱਟ ਹੋ ਕੇ ਸੰਘਰਸ਼ ਕਰਨ ਦਾ ਸੱਦਾ ਦਿੱਤਾ।
ਕਿਸਾਨਾਂ ਦੀ ਦੀਵਾਲੀ ਤਾਂ ਕੀ ਗੁਰਪੁਰਬ ਵੀ ਮੰਡੀਆਂ 'ਚ ਹੀ ਲੰਘਣ ਦਾ ਖਦਸ਼ਾ - ਡਿੱਲੋਂ
ਸਮਰਾਲਾ, 21 ਅਕਤੂਬਰ (ਜੁਗਰਾਜ ਸਿੰਘ) ਸ਼੍ਰੋਮਣੀ ਅਕਾਲੀ ਦਲ ਦੇ ਸੀਨੀਅਰ ਆਗੂ ਡਿੱਲੋਂ ਨੇ ਕਿਹਾ ਕਿ ਜਿਸ ਰਫ਼ਤਾਰ ਨਾਲ ਝੋਨੇ ਦੀ ਖਰੀਦ ਹੋ ਰਹੀ ਹੈ ਉਸ ਨੂੰ ਵੇਖਦਿਆਂ ਲੱਗਦਾ ਹੈ ਕਿ ਕਿਸਾਨਾਂ ਦੀ ਦੀਵਾਲੀ ਤਾਂ ਕੀ ਗੁਰਪੁਰਬ ਵੀ ਮੰਡੀਆਂ ਵਿੱਚ ਹੀ ਲੰਘੇਗਾ। ਉਨ੍ਹਾਂ ਕਿਹਾ ਕਿ ਸਰਕਾਰ ਨੂੰ ਤੁਰੰਤ ਪ੍ਰਬੰਧਾਂ ਵਿੱਚ ਸੁਧਾਰ ਕਰਨਾ ਚਾਹੀਦਾ ਹੈ।
ਸਮਰਾਲਾ, 21 ਅਕਤੂਬਰ (ਜੁਗਰਾਜ ਸਿੰਘ) ਸ਼੍ਰੋਮਣੀ ਅਕਾਲੀ ਦਲ ਦੇ ਸੀਨੀਅਰ ਆਗੂ ਡਿੱਲੋਂ ਨੇ ਕਿਹਾ ਕਿ ਜਿਸ ਰਫ਼ਤਾਰ ਨਾਲ ਝੋਨੇ ਦੀ ਖਰੀਦ ਹੋ ਰਹੀ ਹੈ ਉਸ ਨੂੰ ਵੇਖਦਿਆਂ ਲੱਗਦਾ ਹੈ ਕਿ ਕਿਸਾਨਾਂ ਦੀ ਦੀਵਾਲੀ ਤਾਂ ਕੀ ਗੁਰਪੁਰਬ ਵੀ ਮੰਡੀਆਂ ਵਿੱਚ ਹੀ ਲੰਘੇਗਾ। ਉਨ੍ਹਾਂ ਕਿਹਾ ਕਿ ਸਰਕਾਰ ਨੂੰ ਤੁਰੰਤ ਪ੍ਰਬੰਧਾਂ ਵਿੱਚ ਸੁਧਾਰ ਕਰਨਾ ਚਾਹੀਦਾ ਹੈ।
ਸਮਰਾਲਾ, 21 ਅਕਤੂਬਰ (ਜੁਗਰਾਜ ਸਿੰਘ) ਸ਼੍ਰੋਮਣੀ ਅਕਾਲੀ ਦਲ ਦੇ ਸੀਨੀਅਰ ਆਗੂ ਡਿੱਲੋਂ ਨੇ ਕਿਹਾ ਕਿ ਜਿਸ ਰਫ਼ਤਾਰ ਨਾਲ ਝੋਨੇ ਦੀ ਖਰੀਦ ਹੋ ਰਹੀ ਹੈ ਉਸ ਨੂੰ ਵੇਖਦਿਆਂ ਲੱਗਦਾ ਹੈ ਕਿ ਕਿਸਾਨਾਂ ਦੀ ਦੀਵਾਲੀ ਤਾਂ ਕੀ ਗੁਰਪੁਰਬ ਵੀ ਮੰਡੀਆਂ ਵਿੱਚ ਹੀ ਲੰਘੇਗਾ। ਉਨ੍ਹਾਂ ਕਿਹਾ ਕਿ ਸਰਕਾਰ ਨੂੰ ਤੁਰੰਤ ਪ੍ਰਬੰਧਾਂ ਵਿੱਚ ਸੁਧਾਰ ਕਰਨਾ ਚਾਹੀਦਾ ਹੈ।
ਐਮ ਐਲ ਏ ਸੁਖਾਨੰਦ ਦੇ ਘਰ ਅੱਗੇ ਲੱਗਾ ਧਰਨਾ ਚੌਥੇ ਦਿਨ ਵਿੱਚ ਹੋਇਆ ਸ਼ਾਮਲ - ਰਛਪਾਲ ਡੇਮਰੂ
ਜਿਨ੍ਹਾਂ ਚਿਰ ਮੰਡੀਆਂ ਵਿੱਚੋਂ ਝੋਨੇ ਦਾ ਦਾਣਾ ਦਾਣਾ ਚੁੱਕਣ ਦਾ ਭਰੋਸਾ ਨਹੀ ਦੇਣਗੇ ਓਨ੍ਹਾ ਚਿਰ ਧਰਨਾ ਜਾਰੀ ਰਹੇਗਾ
ਠੱਠੀ ਭਾਈ 21 ਅਕਤੂਬਰ (ਗੁਰਜੰਟ ਸਿੰਘ) ਭਾਰਤੀ ਕਿਸਾਨ ਯੂਨੀਅਨ ਏਕਤਾ ਉਗਰਾਹਾਂ ਵੱਲੋਂ ਵਿਧਾਇਕ ਮਨਜੀਤ ਸਿੰਘ ਬਿਲਾਸਪੁਰ ਸੁਖਾਨੰਦ ਦੇ ਘਰ ਅੱਗੇ ਲਗਾਇਆ ਧਰਨਾ ਚੌਥੇ ਦਿਨ ਵਿੱਚ ਸ਼ਾਮਲ ਹੋ ਗਿਆ। ਜ਼ਿਲ੍ਹਾ ਆਗੂ ਰਛਪਾਲ ਸਿੰਘ ਡੇਮਰੂ ਨੇ ਕਿਹਾ ਕਿ ਜਿਨ੍ਹਾਂ ਚਿਰ ਮੰਡੀਆਂ ਵਿੱਚੋਂ ਝੋਨੇ ਦਾ ਦਾਣਾ ਦਾਣਾ ਚੁੱਕਣ ਦਾ ਭਰੋਸਾ ਨਹੀਂ ਮਿਲਦਾ ਉਨ੍ਹਾਂ ਚਿਰ ਧਰਨਾ ਜਾਰੀ ਰਹੇਗਾ। ਇਸ ਮੌਕੇ ਵੱਡੀ ਗਿਣਤੀ ਵਿੱਚ ਕਿਸਾਨ, ਮਜ਼ਦੂਰ ਅਤੇ ਬੀਬੀਆਂ ਹਾਜ਼ਰ ਸਨ।
ਠੱਠੀ ਭਾਈ 21 ਅਕਤੂਬਰ (ਗੁਰਜੰਟ ਸਿੰਘ) ਭਾਰਤੀ ਕਿਸਾਨ ਯੂਨੀਅਨ ਏਕਤਾ ਉਗਰਾਹਾਂ ਵੱਲੋਂ ਵਿਧਾਇਕ ਮਨਜੀਤ ਸਿੰਘ ਬਿਲਾਸਪੁਰ ਸੁਖਾਨੰਦ ਦੇ ਘਰ ਅੱਗੇ ਲਗਾਇਆ ਧਰਨਾ ਚੌਥੇ ਦਿਨ ਵਿੱਚ ਸ਼ਾਮਲ ਹੋ ਗਿਆ। ਜ਼ਿਲ੍ਹਾ ਆਗੂ ਰਛਪਾਲ ਸਿੰਘ ਡੇਮਰੂ ਨੇ ਕਿਹਾ ਕਿ ਜਿਨ੍ਹਾਂ ਚਿਰ ਮੰਡੀਆਂ ਧਰਨਾ ਜਾਰੀ ਰਹੇਗਾ। ਇਸ ਮੌਕੇ ਵੱਡੀ ਗਿਣਤੀ ਵਿੱਚ ਕਿਸਾਨ, ਮਜ਼ਦੂਰ ਅਤੇ ਬੀਬੀਆਂ ਹਾਜ਼ਰ ਸਨ।
ਠੱਠੀ ਭਾਈ 21 ਅਕਤੂਬਰ (ਗੁਰਜੰਟ ਸਿੰਘ) ਭਾਰਤੀ ਕਿਸਾਨ ਯੂਨੀਅਨ ਏਕਤਾ ਉਗਰਾਹਾਂ ਵੱਲੋਂ ਵਿਧਾਇਕ ਮਨਜੀਤ ਸਿੰਘ ਬਿਲਾਸਪੁਰ ਸੁਖਾਨੰਦ ਦੇ ਘਰ ਅੱਗੇ ਲਗਾਇਆ ਧਰਨਾ ਚੌਥੇ ਦਿਨ ਵਿੱਚ ਸ਼ਾਮਲ ਹੋ ਗਿਆ। ਜ਼ਿਲ੍ਹਾ ਆਗੂ ਰਛਪਾਲ ਸਿੰਘ ਡੇਮਰੂ ਨੇ ਕਿਹਾ ਕਿ ਜਿਨ੍ਹਾਂ ਚਿਰ ਮੰਡੀਆਂ ਵਿੱਚੋਂ ਝੋਨੇ ਦਾ ਦਾਣਾ ਦਾਣਾ ਚੁੱਕਣ ਦਾ ਭਰੋਸਾ ਨਹੀਂ ਮਿਲਦਾ ਉਨ੍ਹਾਂ ਚਿਰ ਧਰਨਾ ਜਾਰੀ ਰਹੇਗਾ। ਇਸ ਮੌਕੇ ਵੱਡੀ ਗਿਣਤੀ ਵਿੱਚ ਕਿਸਾਨ, ਮਜ਼ਦੂਰ ਅਤੇ ਬੀਬੀਆਂ ਹਾਜ਼ਰ ਸਨ।
ਧਾਮੀ ਨੇ ਪੰਥਕ ਮਸਲੇ ਹੱਲ ਕਰਨ ਵਿਚ ਸੂਝ ਬੂਝ ਦਿਖਾਈ
ਅੰਮ੍ਰਿਤਸਰ 20 ਅਕਤੂਬਰ (ਜਗਜੀਤ ਸਿੰਘ ਡੱਲਾ) ਸ਼੍ਰੋਮਣੀ ਗੁਰਦੁਆਰਾ ਪ੍ਰਬੰਧਕ ਕਮੇਟੀ ਦੇ ਅੰਤ੍ਰਿੰਗ ਕਮੇਟੀ ਮੈਂਬਰਾਂ ਨੇ ਕਿਹਾ ਕਿ ਪ੍ਰਧਾਨ ਐਡਵੋਕੇਟ ਹਰਜਿੰਦਰ ਸਿੰਘ ਧਾਮੀ ਨੇ ਆਪਣੇ ਕਾਰਜਕਾਲ ਦੌਰਾਨ ਪੰਥਕ ਮਸਲੇ ਹੱਲ ਕਰਨ ਵਿੱਚ ਸੂਝ ਬੂਝ ਦਿਖਾਈ ਹੈ। ਉਨ੍ਹਾਂ ਕਿਹਾ ਕਿ ਧਾਮੀ ਦੀ ਅਗਵਾਈ ਵਿੱਚ ਸੰਸਥਾ ਨੇ ਧਰਮ ਪ੍ਰਚਾਰ, ਵਿੱਦਿਆ ਅਤੇ ਸਿਹਤ ਸੇਵਾਵਾਂ ਦੇ ਖੇਤਰ ਵਿੱਚ ਵੱਡੇ ਕਾਰਜ ਕੀਤੇ ਹਨ।
ਅੰਮ੍ਰਿਤਸਰ 20 ਅਕਤੂਬਰ (ਜਗਜੀਤ ਸਿੰਘ ਡੱਲਾ) ਸ਼੍ਰੋਮਣੀ ਗੁਰਦੁਆਰਾ ਪ੍ਰਬੰਧਕ ਕਮੇਟੀ ਦੇ ਅੰਤ੍ਰਿੰਗ ਕਮੇਟੀ ਮੈਂਬਰਾਂ ਨੇ ਕਿਹਾ ਕਿ ਪ੍ਰਧਾਨ ਐਡਵੋਕੇਟ ਹਰਜਿੰਦਰ ਸਿੰਘ ਧਾਮੀ ਨੇ ਆਪਣੇ ਕਾਰਜਕਾਲ ਦੌਰਾਨ ਪੰਥਕ ਮਸਲੇ ਹੱਲ ਕਰਨ ਵਿੱਚ ਕਿਹਾ ਕਿ ਧਾਮੀ ਦੀ ਅਗਵਾਈ ਵਿੱਚ ਸੰਸਥਾ ਨੇ ਧਰਮ ਪ੍ਰਚਾਰ, ਵਿੱਦਿਆ ਅਤੇ ਸਿਹਤ ਸੇਵਾਵਾਂ ਦੇ ਖੇਤਰ ਵਿੱਚ ਵੱਡੇ ਕਾਰਜ ਕੀਤੇ ਹਨ।
ਅੰਮ੍ਰਿਤਸਰ 20 ਅਕਤੂਬਰ (ਜਗਜੀਤ ਸਿੰਘ ਡੱਲਾ) ਸ਼੍ਰੋਮਣੀ ਗੁਰਦੁਆਰਾ ਪ੍ਰਬੰਧਕ ਕਮੇਟੀ ਦੇ ਅੰਤ੍ਰਿੰਗ ਕਮੇਟੀ ਮੈਂਬਰਾਂ ਨੇ ਕਿਹਾ ਕਿ ਪ੍ਰਧਾਨ ਐਡਵੋਕੇਟ ਹਰਜਿੰਦਰ ਸਿੰਘ ਧਾਮੀ ਨੇ ਆਪਣੇ ਕਾਰਜਕਾਲ ਦੌਰਾਨ ਪੰਥਕ ਮਸਲੇ ਹੱਲ ਕਰਨ ਵਿੱਚ ਸੂਝ ਬੂਝ ਦਿਖਾਈ ਹੈ। ਉਨ੍ਹਾਂ ਕਿਹਾ ਕਿ ਧਾਮੀ ਦੀ ਅਗਵਾਈ ਵਿੱਚ ਸੰਸਥਾ ਨੇ ਧਰਮ ਪ੍ਰਚਾਰ, ਵਿੱਦਿਆ ਅਤੇ ਸਿਹਤ ਸੇਵਾਵਾਂ ਦੇ ਖੇਤਰ ਵਿੱਚ ਵੱਡੇ ਕਾਰਜ ਕੀਤੇ ਹਨ।
